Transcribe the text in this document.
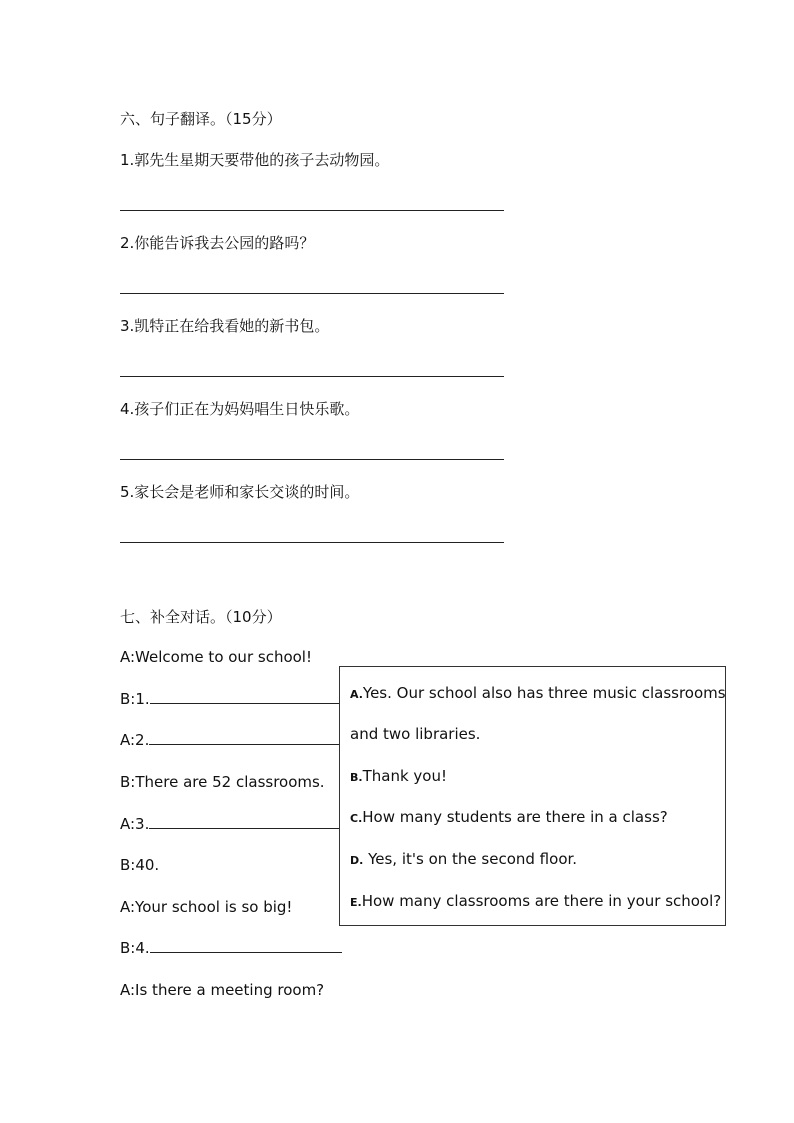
六、句子翻译。（15分）
1.郭先生星期天要带他的孩子去动物园。
2.你能告诉我去公园的路吗？
3.凯特正在给我看她的新书包。
4.孩子们正在为妈妈唱生日快乐歌。
5.家长会是老师和家长交谈的时间。
七、补全对话。（10分）
A:Welcome to our school!
B:1.
A:2.
B:There are 52 classrooms.
A:3.
B:40.
A:Your school is so big!
B:4.
A:Is there a meeting room?
A.Yes. Our school also has three music classrooms
and two libraries.
B.Thank you!
C.How many students are there in a class?
D. Yes, it's on the second floor.
E.How many classrooms are there in your school?
